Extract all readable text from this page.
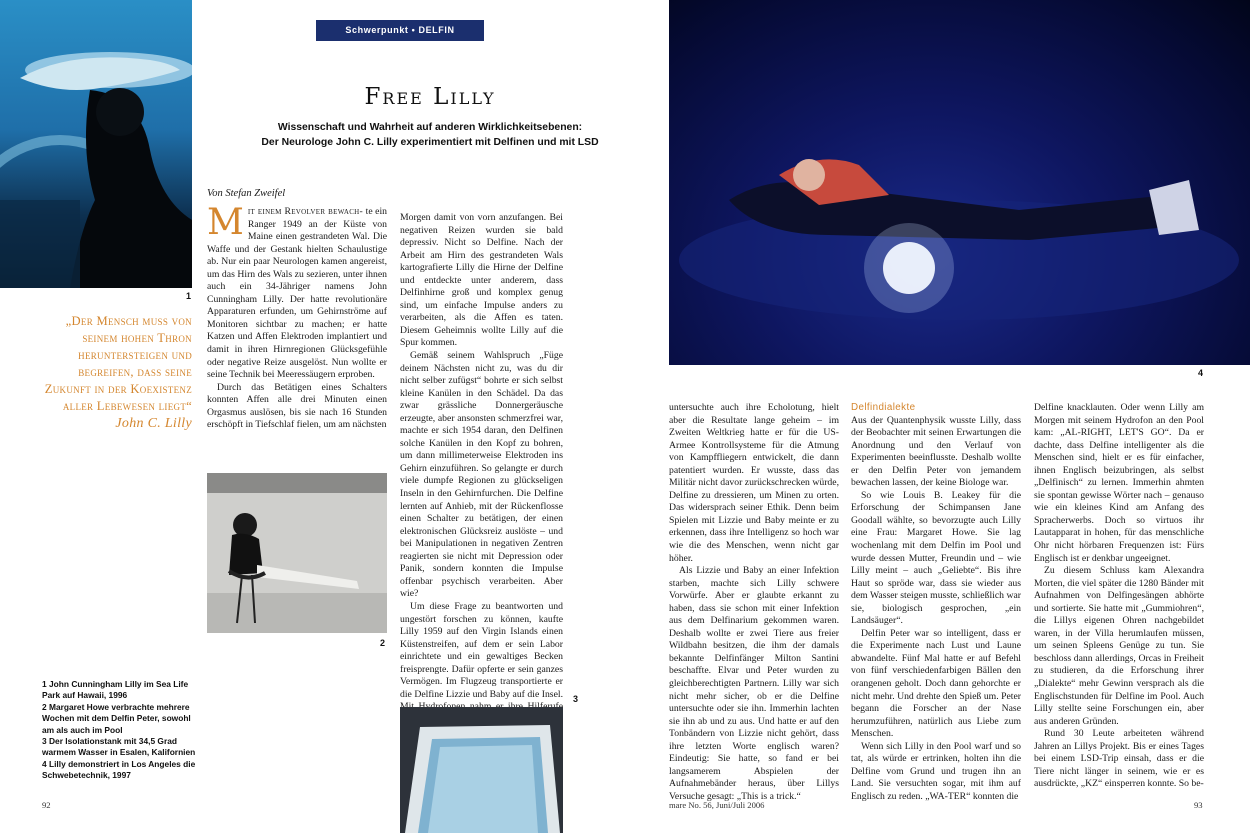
1
Schwerpunkt • DELFIN
Free Lilly
Wissenschaft und Wahrheit auf anderen Wirklichkeitsebenen:
Der Neurologe John C. Lilly experimentiert mit Delfinen und mit LSD
Von Stefan Zweifel
„Der Mensch muss von seinem hohen Thron heruntersteigen und begreifen, dass seine Zukunft in der Koexistenz aller Lebewesen liegt“
John C. Lilly

Mit einem Revolver bewach- te ein Ranger 1949 an der Küste von Maine einen gestrandeten Wal. Die Waffe und der Gestank hielten Schaulustige ab. Nur ein paar Neurologen kamen angereist, um das Hirn des Wals zu sezieren, unter ihnen auch ein 34-Jähriger namens John Cunningham Lilly. Der hatte revolutionäre Apparaturen erfunden, um Gehirnströme auf Monitoren sichtbar zu machen; er hatte Katzen und Affen Elektroden implantiert und damit in ihren Hirnregionen Glücksgefühle oder negative Reize ausgelöst. Nun wollte er seine Technik bei Meeressäugern erproben.

Durch das Betätigen eines Schalters konnten Affen alle drei Minuten einen Orgasmus auslösen, bis sie nach 16 Stunden erschöpft in Tiefschlaf fielen, um am nächsten

2
1 John Cunningham Lilly im Sea Life Park auf Hawaii, 1996
2 Margaret Howe verbrachte mehrere Wochen mit dem Delfin Peter, sowohl am als auch im Pool
3 Der Isolationstank mit 34,5 Grad warmem Wasser in Esalen, Kalifornien
4 Lilly demonstriert in Los Angeles die Schwebetechnik, 1997

Morgen damit von vorn anzufangen. Bei negativen Reizen wurden sie bald depressiv. Nicht so Delfine. Nach der Arbeit am Hirn des gestrandeten Wals kartografierte Lilly die Hirne der Delfine und entdeckte unter anderem, dass Delfinhirne groß und komplex genug sind, um einfache Impulse anders zu verarbeiten, als die Affen es taten. Diesem Geheimnis wollte Lilly auf die Spur kommen.

Gemäß seinem Wahlspruch „Füge deinem Nächsten nicht zu, was du dir nicht selber zufügst“ bohrte er sich selbst kleine Kanülen in den Schädel. Da das zwar grässliche Donnergeräusche erzeugte, aber ansonsten schmerzfrei war, machte er sich 1954 daran, den Delfinen solche Kanülen in den Kopf zu bohren, um dann millimeterweise Elektroden ins Gehirn einzuführen. So gelangte er durch viele dumpfe Regionen zu glückseligen Inseln in den Gehirnfurchen. Die Delfine lernten auf Anhieb, mit der Rückenflosse einen Schalter zu betätigen, der einen elektronischen Glücksreiz auslöste – und bei Manipulationen in negativen Zentren reagierten sie nicht mit Depression oder Panik, sondern konnten die Impulse offenbar psychisch verarbeiten. Aber wie?

Um diese Frage zu beantworten und ungestört forschen zu können, kaufte Lilly 1959 auf den Virgin Islands einen Küstenstreifen, auf dem er sein Labor einrichtete und ein gewaltiges Becken freisprengte. Dafür opferte er sein ganzes Vermögen. Im Flugzeug transportierte er die Delfine Lizzie und Baby auf die Insel. 3
4

untersuchte auch ihre Echolotung, hielt aber die Resultate lange geheim – im Zweiten Weltkrieg hatte er für die US-Armee Kontrollsysteme für die Atmung von Kampffliegern entwickelt, die dann patentiert wurden. Er wusste, dass das Militär nicht davor zurückschrecken würde, Delfine zu dressieren, um Minen zu orten. Das widersprach seiner Ethik. Denn beim Spielen mit Lizzie und Baby meinte er zu erkennen, dass ihre Intelligenz so hoch war wie die des Menschen, wenn nicht gar höher.

Als Lizzie und Baby an einer Infektion starben, machte sich Lilly schwere Vorwürfe. Aber er glaubte erkannt zu haben, dass sie schon mit einer Infektion aus dem Delfinarium gekommen waren. Deshalb wollte er zwei Tiere aus freier Wildbahn besitzen, die ihm der damals bekannte Delfinfänger Milton Santini beschaffte. Elvar und Peter wurden zu gleichberechtigten Partnern. Lilly war sich nicht mehr sicher, ob er die Delfine untersuchte oder sie ihn. Immerhin lachten sie ihn ab und zu aus. Und hatte er auf den Tonbändern von Lizzie nicht gehört, dass ihre letzten Worte englisch waren? Eindeutig: Sie hatte, so fand er bei langsamerem Abspielen der Aufnahmebänder heraus, über Lillys Versuche gesagt: „This is a trick.“

Delfindialekte

Aus der Quantenphysik wusste Lilly, dass der Beobachter mit seinen Erwartungen die Anordnung und den Verlauf von Experimenten beeinflusste. Deshalb wollte er den Delfin Peter von jemandem bewachen lassen, der keine Biologe war.

So wie Louis B. Leakey für die Erforschung der Schimpansen Jane Goodall wählte, so bevorzugte auch Lilly eine Frau: Margaret Howe. Sie lag wochenlang mit dem Delfin im Pool und wurde dessen Mutter, Freundin und – wie Lilly meint – auch „Geliebte“. Bis ihre Haut so spröde war, dass sie wieder aus dem Wasser steigen musste, schließlich war sie, biologisch gesprochen, „ein Landsäuger“.

Delfin Peter war so intelligent, dass er die Experimente nach Lust und Laune abwandelte. Fünf Mal hatte er auf Befehl von fünf verschiedenfarbigen Bällen den orangenen geholt. Doch dann gehorchte er nicht mehr. Und drehte den Spieß um. Peter begann die Forscher an der Nase herumzuführen, natürlich aus Liebe zum Menschen.

Wenn sich Lilly in den Pool warf und so tat, als würde er ertrinken, holten ihn die Delfine vom Grund und trugen ihn an Land. Sie versuchten sogar, mit ihm auf Englisch zu reden. „WA-TER“ konnten die

Delfine knacklauten. Oder wenn Lilly am Morgen mit seinem Hydrofon an den Pool kam: „AL-RIGHT, LET'S GO“. Da er dachte, dass Delfine intelligenter als die Menschen sind, hielt er es für einfacher, ihnen Englisch beizubringen, als selbst „Delfinisch“ zu lernen. Immerhin ahmten sie spontan gewisse Wörter nach – genauso wie ein kleines Kind am Anfang des Spracherwerbs. Doch so virtuos ihr Lautapparat in hohen, für das menschliche Ohr nicht hörbaren Frequenzen ist: Fürs Englisch ist er denkbar ungeeignet.

Zu diesem Schluss kam Alexandra Morten, die viel später die 1280 Bänder mit Aufnahmen von Delfingesängen abhörte und sortierte. Sie hatte mit „Gummiohren“, die Lillys eigenen Ohren nachgebildet waren, in der Villa herumlaufen müssen, um seinen Spleens Genüge zu tun. Sie beschloss dann allerdings, Orcas in Freiheit zu studieren, da die Erforschung ihrer „Dialekte“ mehr Gewinn versprach als die Englischstunden für Delfine im Pool. Auch Lilly stellte seine Forschungen ein, aber aus anderen Gründen.

Rund 30 Leute arbeiteten während Jahren an Lillys Projekt. Bis er eines Tages bei einem LSD-Trip einsah, dass er die Tiere nicht länger in seinem, wie er es ausdrückte, „KZ“ einsperren konnte. So be-

92	mare No. 56, Juni/Juli 2006	93
